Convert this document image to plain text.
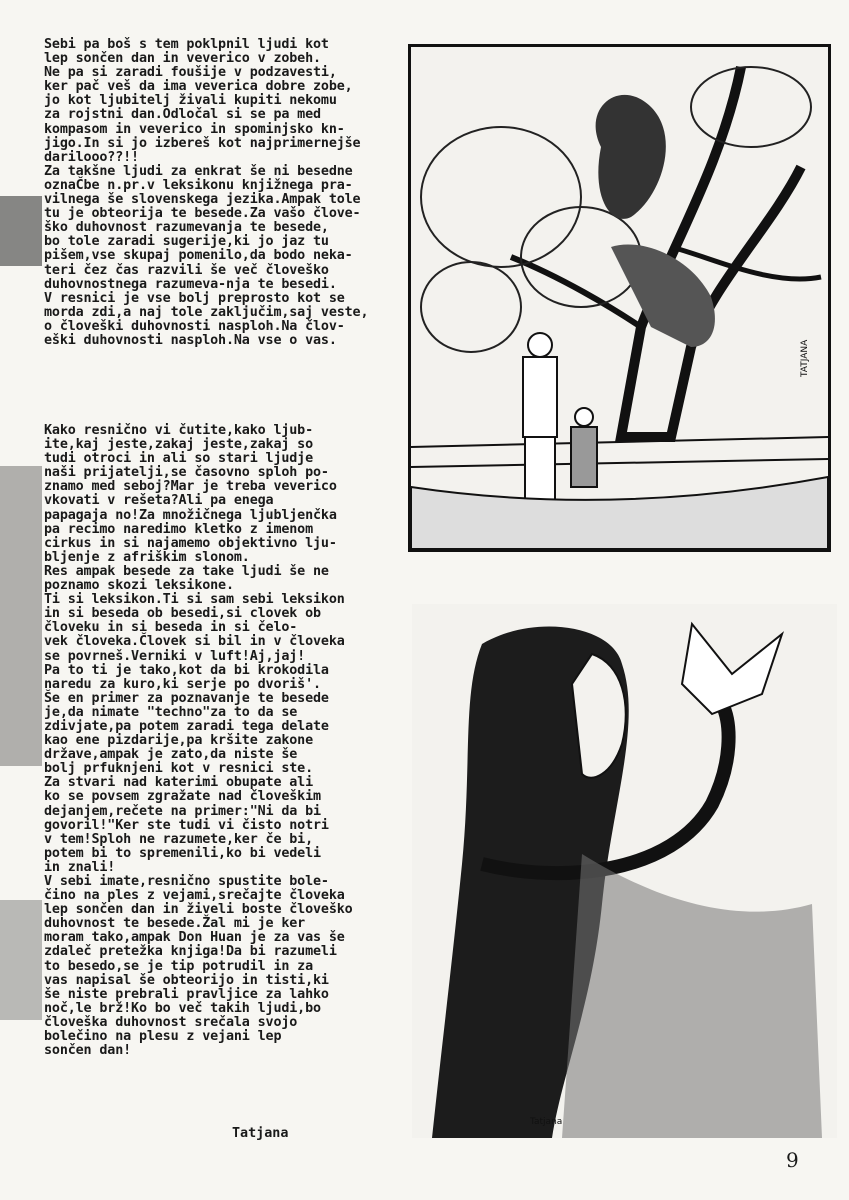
Sebi pa boš s tem poklpnil ljudi kot
lep sončen dan in veverico v zobeh.
Ne pa si zaradi foušije v podzavesti,
ker pač veš da ima veverica dobre zobe,
jo kot ljubitelj živali kupiti nekomu
za rojstni dan.Odločal si se pa med
kompasom in veverico in spominjsko kn-
jigo.In si jo izbereš kot najprimernejše
darilooo??!!
Za takšne ljudi za enkrat še ni besedne
oznaČbe n.pr.v leksikonu knjižnega pra-
vilnega še slovenskega jezika.Ampak tole
tu je obteorija te besede.Za vašo člove-
ško duhovnost razumevanja te besede,
bo tole zaradi sugerije,ki jo jaz tu
pišem,vse skupaj pomenilo,da bodo neka-
teri čez čas razvili še več človeško
duhovnostnega razumeva-nja te besedi.
V resnici je vse bolj preprosto kot se
morda zdi,a naj tole zaključim,saj veste,
o človeški duhovnosti nasploh.Na člov-
eški duhovnosti nasploh.Na vse o vas.
Kako resnično vi čutite,kako ljub-
ite,kaj jeste,zakaj jeste,zakaj so
tudi otroci in ali so stari ljudje
naši prijatelji,se časovno sploh po-
znamo med seboj?Mar je treba veverico
vkovati v rešeta?Ali pa enega
papagaja no!Za množičnega ljubljenčka
pa recimo naredimo kletko z imenom
cirkus in si najamemo objektivno lju-
bljenje z afriškim slonom.
Res ampak besede za take ljudi še ne
poznamo skozi leksikone.
Ti si leksikon.Ti si sam sebi leksikon
in si beseda ob besedi,si clovek ob
človeku in si beseda in si čelo-
vek človeka.Človek si bil in v človeka
se povrneš.Verniki v luft!Aj,jaj!
Pa to ti je tako,kot da bi krokodila
naredu za kuro,ki serje po dvoriš'.
Še en primer za poznavanje te besede
je,da nimate "techno"za to da se
zdivjate,pa potem zaradi tega delate
kao ene pizdarije,pa kršite zakone
države,ampak je zato,da niste še
bolj prfuknjeni kot v resnici ste.
Za stvari nad katerimi obupate ali
ko se povsem zgražate nad človeškim
dejanjem,rečete na primer:"Ni da bi
govoril!"Ker ste tudi vi čisto notri
v tem!Sploh ne razumete,ker če bi,
potem bi to spremenili,ko bi vedeli
in znali!
V sebi imate,resnično spustite bole-
čino na ples z vejami,srečajte človeka
lep sončen dan in živeli boste človeško
duhovnost te besede.Žal mi je ker
moram tako,ampak Don Huan je za vas še
zdaleč pretežka knjiga!Da bi razumeli
to besedo,se je tip potrudil in za
vas napisal še obteorijo in tisti,ki
še niste prebrali pravljice za lahko
noč,le brž!Ko bo več takih ljudi,bo
človeška duhovnost srečala svojo
bolečino na plesu z vejani lep
sončen dan!
Tatjana
9
TATJANA
Tatjana
